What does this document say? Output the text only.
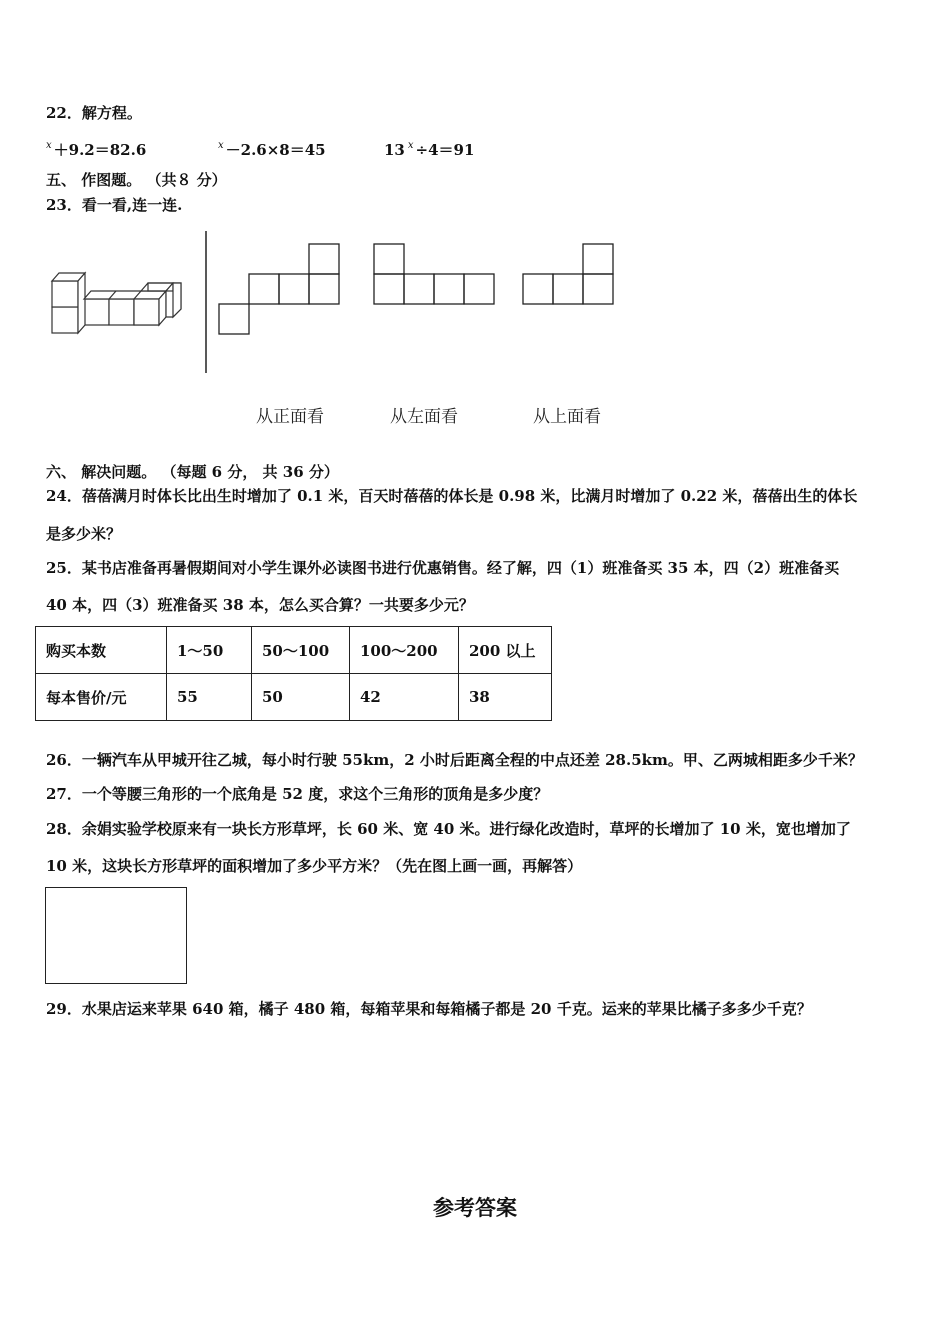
22．解方程。
$^x$ ＋9.2＝82.6	$^x$ －2.6×8＝45	13 $^x$ ÷4＝91
五、 作图题。 （共８ 分）
23．看一看,连一连.
从正面看	从左面看	从上面看
六、 解决问题。 （每题 6 分， 共 36 分）
24．蓓蓓满月时体长比出生时增加了 0.1 米，百天时蓓蓓的体长是 0.98 米，比满月时增加了 0.22 米，蓓蓓出生的体长
是多少米？
25．某书店准备再暑假期间对小学生课外必读图书进行优惠销售。经了解，四（1）班准备买 35 本，四（2）班准备买
40 本，四（3）班准备买 38 本，怎么买合算？一共要多少元？
购买本数	1～50	50～100	100～200	200 以上
每本售价/元	55	50	42	38
26．一辆汽车从甲城开往乙城，每小时行驶 55km，2 小时后距离全程的中点还差 28.5km。甲、乙两城相距多少千米？
27．一个等腰三角形的一个底角是 52 度，求这个三角形的顶角是多少度？
28．余娟实验学校原来有一块长方形草坪，长 60 米、宽 40 米。进行绿化改造时，草坪的长增加了 10 米，宽也增加了
10 米，这块长方形草坪的面积增加了多少平方米？（先在图上画一画，再解答）
29．水果店运来苹果 640 箱，橘子 480 箱，每箱苹果和每箱橘子都是 20 千克。运来的苹果比橘子多多少千克？
参考答案
